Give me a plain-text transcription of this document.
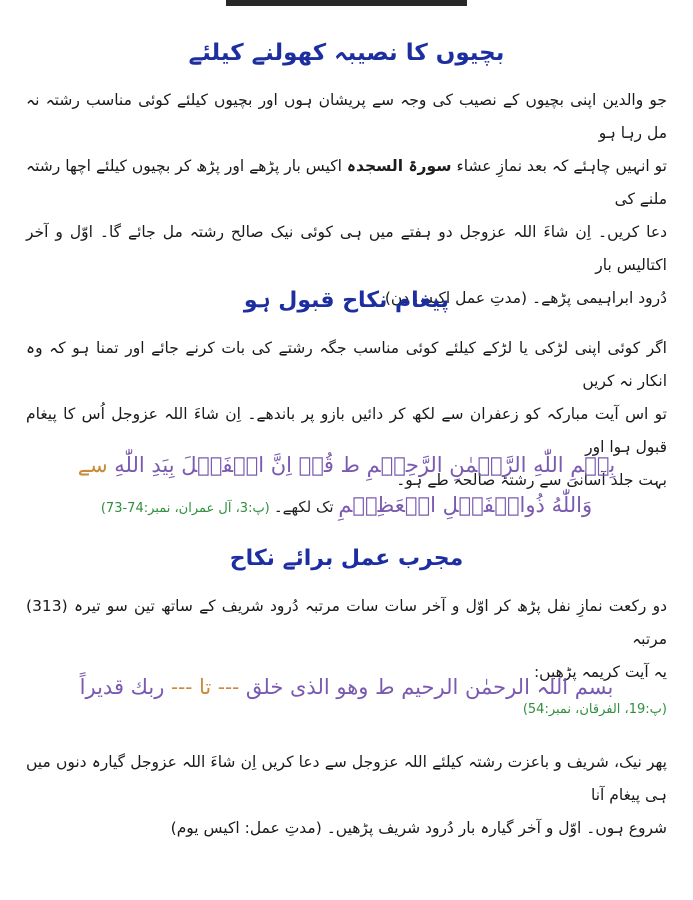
بچیوں کا نصیبہ کھولنے کیلئے

جو والدین اپنی بچیوں کے نصیب کی وجہ سے پریشان ہوں اور بچیوں کیلئے کوئی مناسب رشتہ نہ مل رہا ہو

تو انہیں چاہئے کہ بعد نمازِ عشاء سورۃ السجدہ اکیس بار پڑھے اور پڑھ کر بچیوں کیلئے اچھا رشتہ ملنے کی

دعا کریں۔ اِن شاءَ اللہ عزوجل دو ہفتے میں ہی کوئی نیک صالح رشتہ مل جائے گا۔ اوّل و آخر اکتالیس بار

دُرود ابراہیمی پڑھے۔ (مدتِ عمل اکیس دن)

پیغام نکاح قبول ہو

اگر کوئی اپنی لڑکی یا لڑکے کیلئے کوئی مناسب جگہ رشتے کی بات کرنے جائے اور تمنا ہو کہ وہ انکار نہ کریں

تو اس آیت مبارکہ کو زعفران سے لکھ کر دائیں بازو پر باندھے۔ اِن شاءَ اللہ عزوجل اُس کا پیغام قبول ہوا اور

بہت جلد آسانی سے رشتۂ صالحہ طے ہو۔

بِسۡمِ اللّٰهِ الرَّحۡمٰنِ الرَّحِيۡمِ ط قُلۡ اِنَّ الۡفَضۡلَ بِيَدِ اللّٰهِ سے
وَاللّٰهُ ذُوالۡفَضۡلِ الۡعَظِيۡمِ تک لکھے۔ (پ:3، آل عمران، نمبر:74-73)
مجرب عمل برائے نکاح

دو رکعت نمازِ نفل پڑھ کر اوّل و آخر سات سات مرتبہ دُرود شریف کے ساتھ تین سو تیرہ (313) مرتبہ

یہ آیت کریمہ پڑھیں:

بسم اللہ الرحمٰن الرحیم ط وھو الذی خلق --- تا --- ربك قديراً
(پ:19، الفرقان، نمبر:54)

پھر نیک، شریف و باعزت رشتہ کیلئے اللہ عزوجل سے دعا کریں اِن شاءَ اللہ عزوجل گیارہ دنوں میں ہی پیغام آنا

شروع ہوں۔ اوّل و آخر گیارہ بار دُرود شریف پڑھیں۔ (مدتِ عمل: اکیس یوم)
